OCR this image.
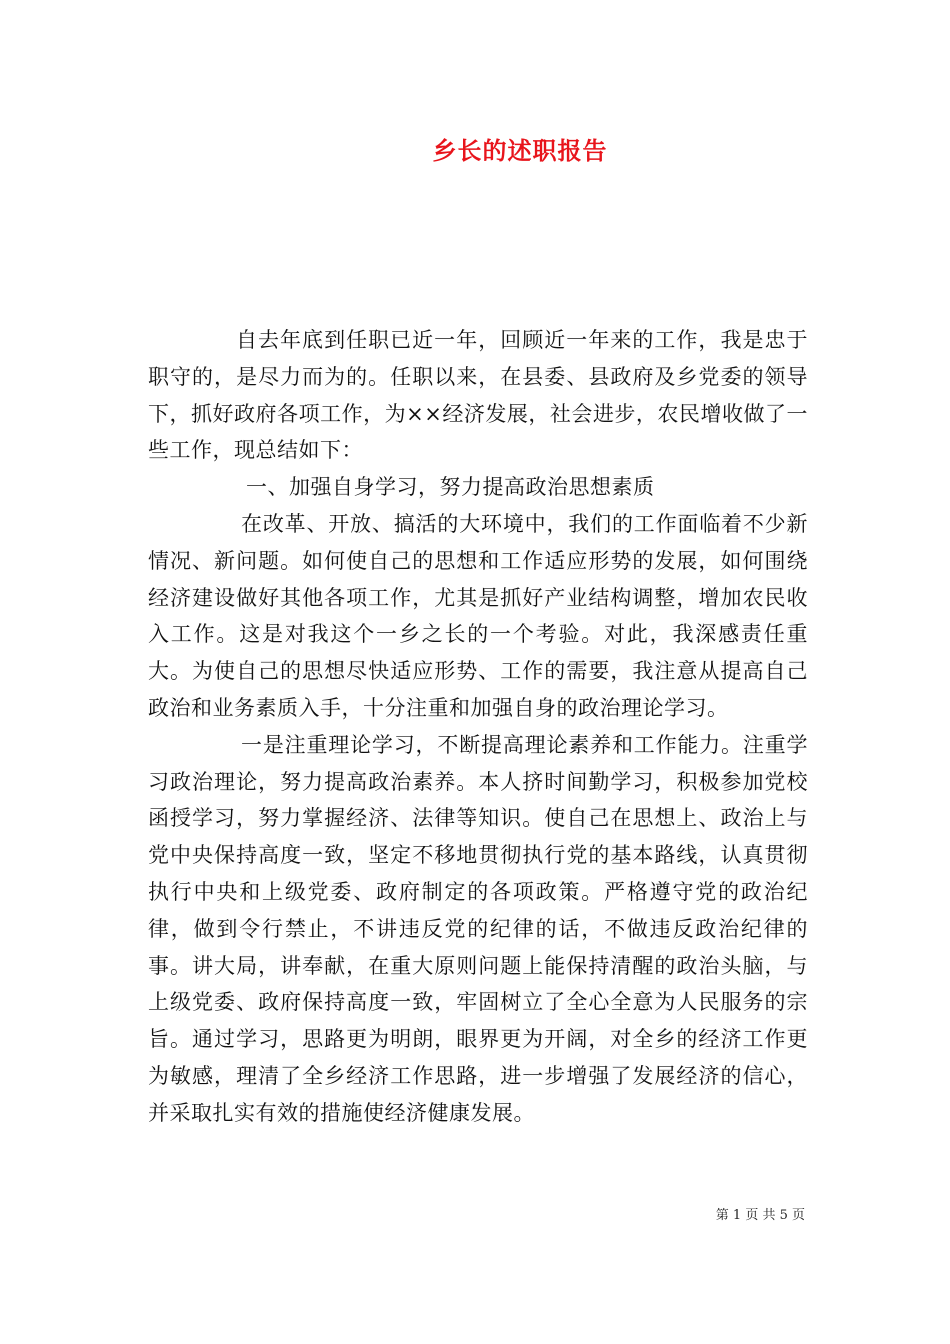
乡长的述职报告

自去年底到任职已近一年，回顾近一年来的工作，我是忠于职守的，是尽力而为的。任职以来，在县委、县政府及乡党委的领导下，抓好政府各项工作，为××经济发展，社会进步，农民增收做了一些工作，现总结如下：

一、加强自身学习，努力提高政治思想素质

在改革、开放、搞活的大环境中，我们的工作面临着不少新情况、新问题。如何使自己的思想和工作适应形势的发展，如何围绕经济建设做好其他各项工作，尤其是抓好产业结构调整，增加农民收入工作。这是对我这个一乡之长的一个考验。对此，我深感责任重大。为使自己的思想尽快适应形势、工作的需要，我注意从提高自己政治和业务素质入手，十分注重和加强自身的政治理论学习。

一是注重理论学习，不断提高理论素养和工作能力。注重学习政治理论，努力提高政治素养。本人挤时间勤学习，积极参加党校函授学习，努力掌握经济、法律等知识。使自己在思想上、政治上与党中央保持高度一致，坚定不移地贯彻执行党的基本路线，认真贯彻执行中央和上级党委、政府制定的各项政策。严格遵守党的政治纪律，做到令行禁止，不讲违反党的纪律的话，不做违反政治纪律的事。讲大局，讲奉献，在重大原则问题上能保持清醒的政治头脑，与上级党委、政府保持高度一致，牢固树立了全心全意为人民服务的宗旨。通过学习，思路更为明朗，眼界更为开阔，对全乡的经济工作更为敏感，理清了全乡经济工作思路，进一步增强了发展经济的信心，并采取扎实有效的措施使经济健康发展。

第 1 页 共 5 页
